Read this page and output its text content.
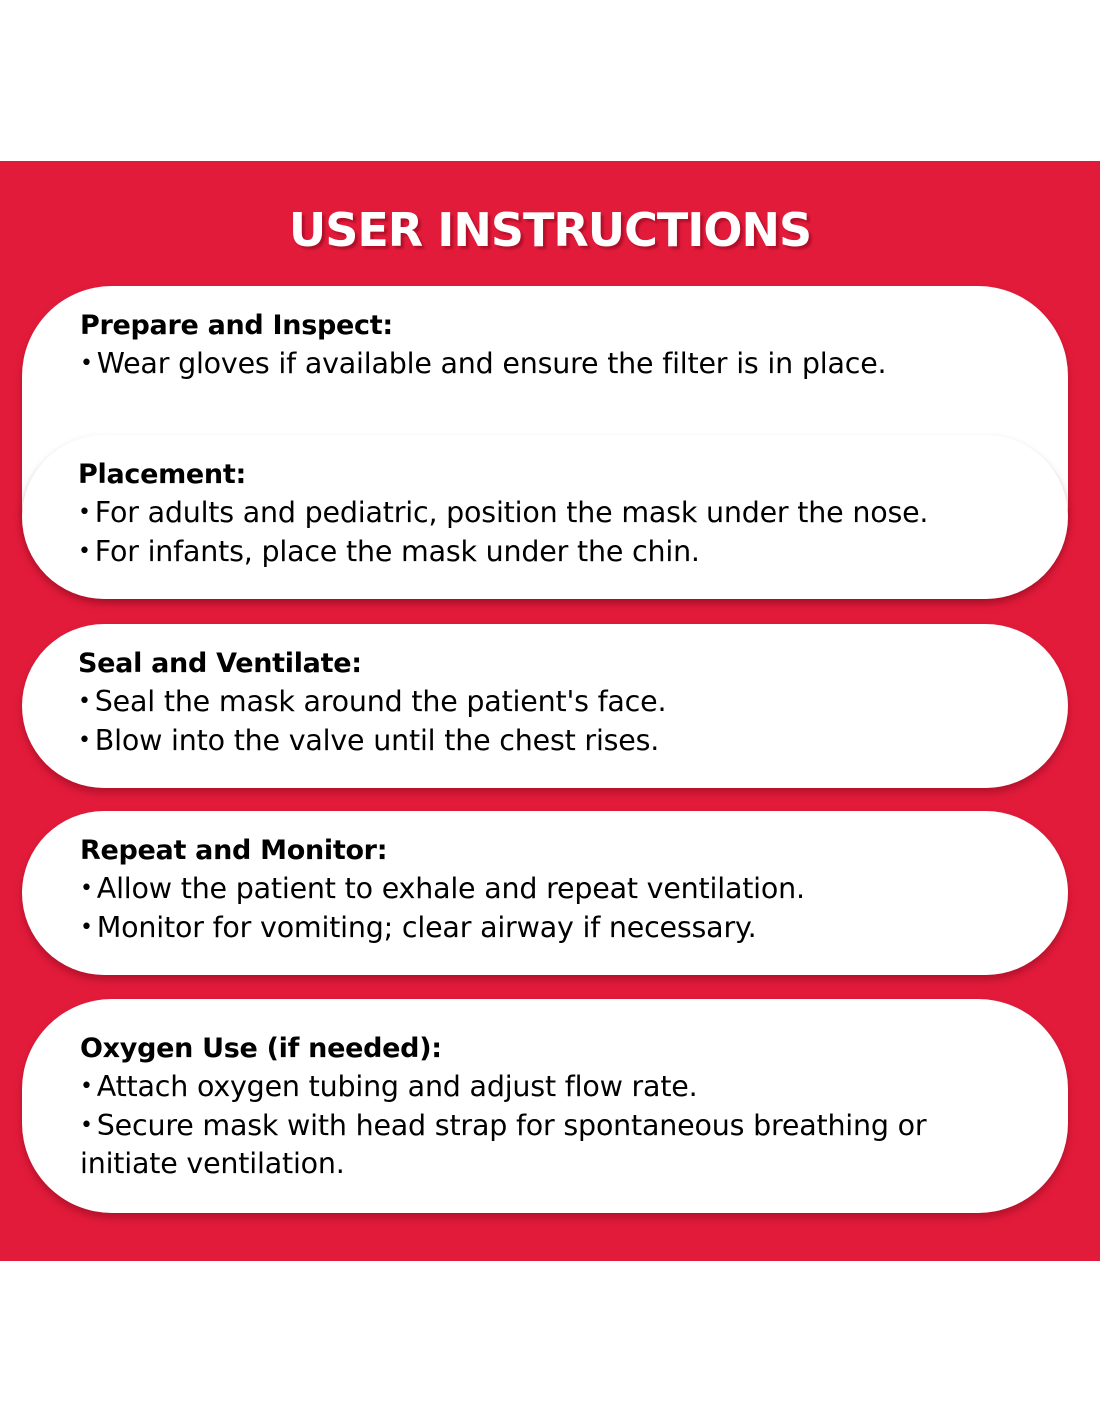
USER INSTRUCTIONS

Prepare and Inspect:

• Wear gloves if available and ensure the filter is in place.

Placement:

• For adults and pediatric, position the mask under the nose.

• For infants, place the mask under the chin.

Seal and Ventilate:

• Seal the mask around the patient's face.

• Blow into the valve until the chest rises.

Repeat and Monitor:

• Allow the patient to exhale and repeat ventilation.

• Monitor for vomiting; clear airway if necessary.

Oxygen Use (if needed):

• Attach oxygen tubing and adjust flow rate.

• Secure mask with head strap for spontaneous breathing or initiate ventilation.
